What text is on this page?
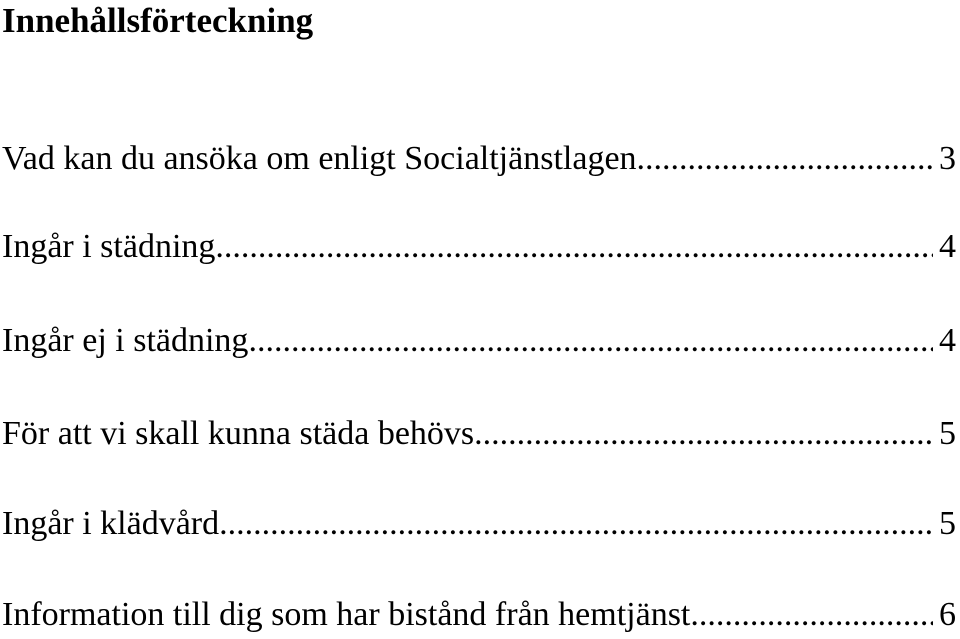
Innehållsförteckning
Vad kan du ansöka om enligt Socialtjänstlagen .....	3
Ingår i städning .....	4
Ingår ej i städning .....	4
För att vi skall kunna städa behövs .....	5
Ingår i klädvård .....	5
Information till dig som har bistånd från hemtjänst. .....	6
